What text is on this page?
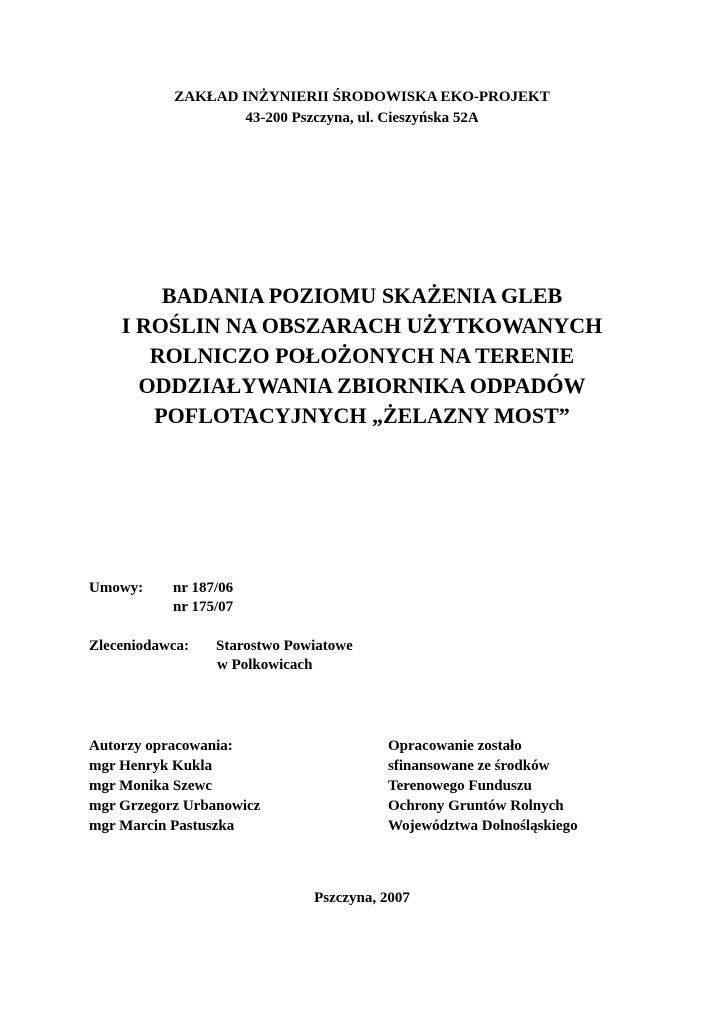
ZAKŁAD INŻYNIERII ŚRODOWISKA EKO-PROJEKT
43-200 Pszczyna, ul. Cieszyńska 52A
BADANIA POZIOMU SKAŻENIA GLEB
I ROŚLIN NA OBSZARACH UŻYTKOWANYCH
ROLNICZO POŁOŻONYCH NA TERENIE
ODDZIAŁYWANIA ZBIORNIKA ODPADÓW
POFLOTACYJNYCH „ŻELAZNY MOST”
Umowy: nr 187/06
nr 175/07
Zleceniodawca: Starostwo Powiatowe
w Polkowicach
Autorzy opracowania:
mgr Henryk Kukla
mgr Monika Szewc
mgr Grzegorz Urbanowicz
mgr Marcin Pastuszka
Opracowanie zostało
sfinansowane ze środków
Terenowego Funduszu
Ochrony Gruntów Rolnych
Województwa Dolnośląskiego
Pszczyna, 2007
